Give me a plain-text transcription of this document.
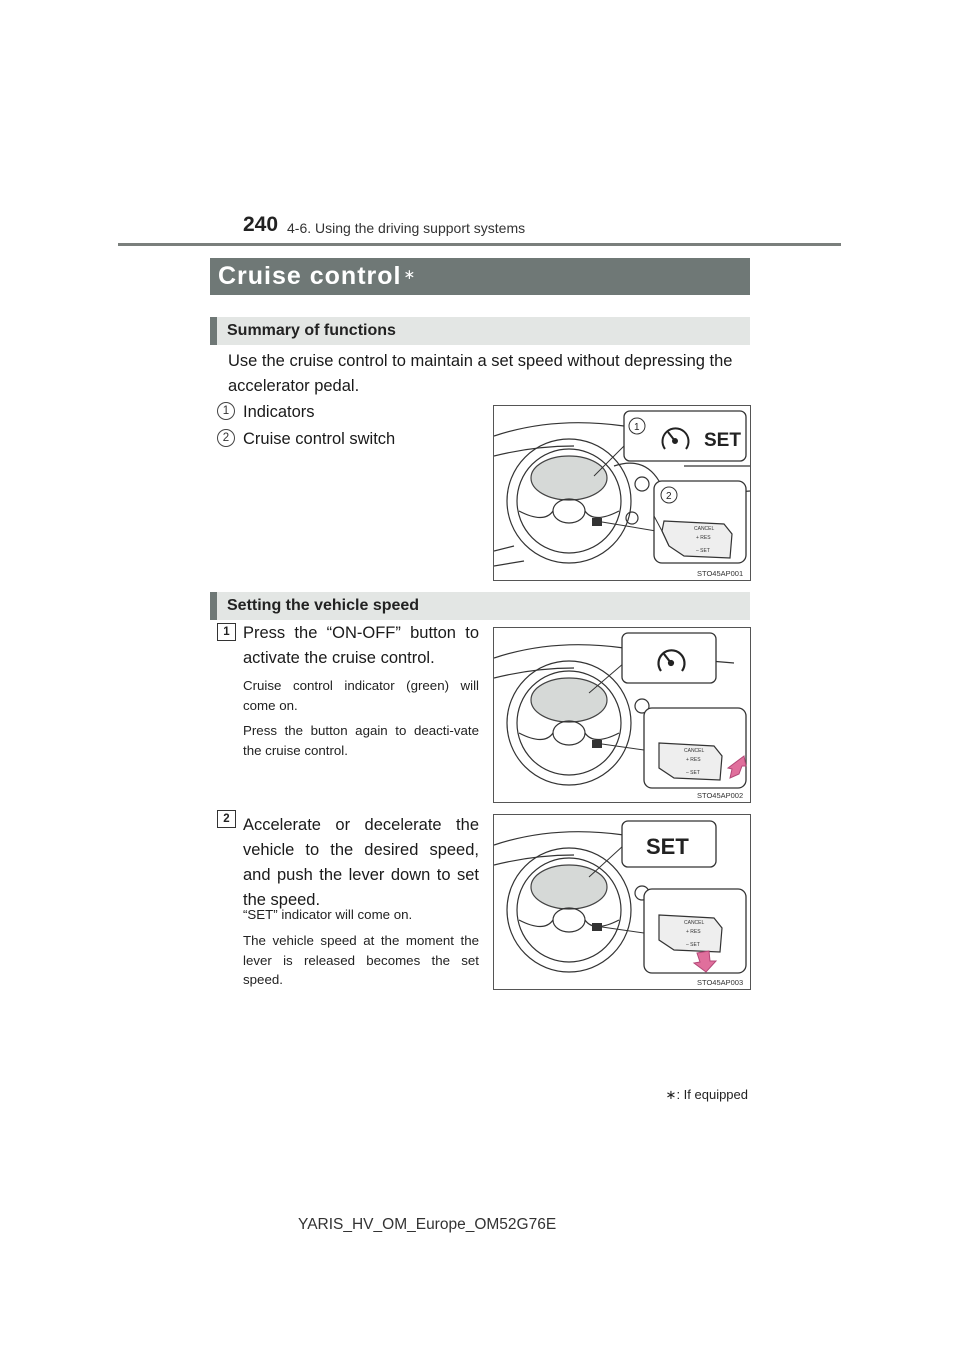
240 4-6. Using the driving support systems
Cruise control ∗
Summary of functions
Use the cruise control to maintain a set speed without depressing the accelerator pedal.
1 Indicators
2 Cruise control switch	SET
1
2
CANCEL
+ RES
– SET
STO45AP001
Setting the vehicle speed
1 Press the “ON-OFF” button to activate the cruise control.
Cruise control indicator (green) will come on.
Press the button again to deacti-vate the cruise control.	CANCEL
+ RES
– SET
STO45AP002
2 Accelerate or decelerate the vehicle to the desired speed, and push the lever down to set the speed.
“SET” indicator will come on.
The vehicle speed at the moment the lever is released becomes the set speed.
SET
CANCEL
+ RES
– SET
STO45AP003
∗: If equipped
YARIS_HV_OM_Europe_OM52G76E
